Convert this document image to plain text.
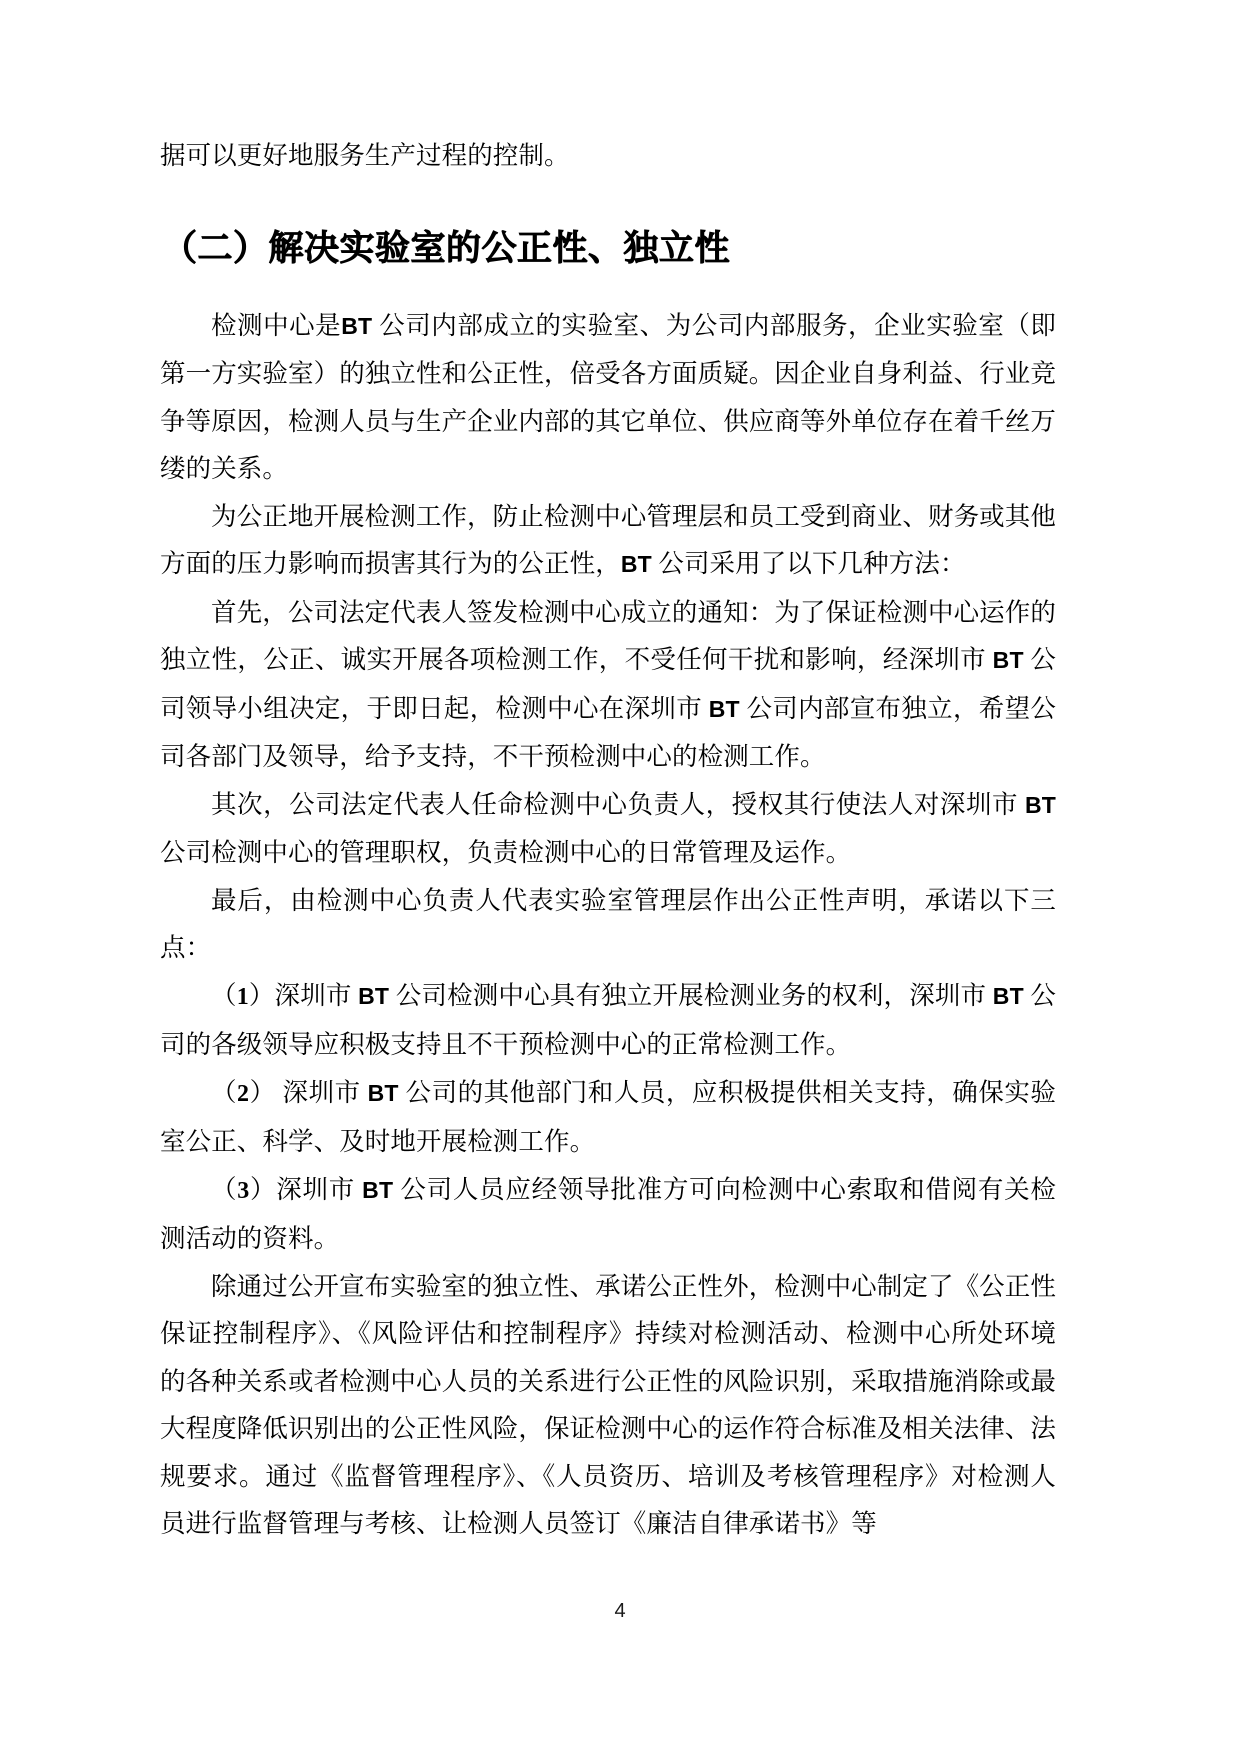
据可以更好地服务生产过程的控制。

（二）解决实验室的公正性、独立性

检测中心是BT 公司内部成立的实验室、为公司内部服务，企业实验室（即第一方实验室）的独立性和公正性，倍受各方面质疑。因企业自身利益、行业竞争等原因，检测人员与生产企业内部的其它单位、供应商等外单位存在着千丝万缕的关系。

为公正地开展检测工作，防止检测中心管理层和员工受到商业、财务或其他方面的压力影响而损害其行为的公正性，BT 公司采用了以下几种方法：

首先，公司法定代表人签发检测中心成立的通知：为了保证检测中心运作的独立性，公正、诚实开展各项检测工作，不受任何干扰和影响，经深圳市 BT 公司领导小组决定，于即日起，检测中心在深圳市 BT 公司内部宣布独立，希望公司各部门及领导，给予支持，不干预检测中心的检测工作。

其次，公司法定代表人任命检测中心负责人，授权其行使法人对深圳市 BT 公司检测中心的管理职权，负责检测中心的日常管理及运作。

最后，由检测中心负责人代表实验室管理层作出公正性声明，承诺以下三点：

（1）深圳市 BT 公司检测中心具有独立开展检测业务的权利，深圳市 BT 公司的各级领导应积极支持且不干预检测中心的正常检测工作。

（2） 深圳市 BT 公司的其他部门和人员，应积极提供相关支持，确保实验室公正、科学、及时地开展检测工作。

（3）深圳市 BT 公司人员应经领导批准方可向检测中心索取和借阅有关检测活动的资料。

除通过公开宣布实验室的独立性、承诺公正性外，检测中心制定了《公正性保证控制程序》、《风险评估和控制程序》持续对检测活动、检测中心所处环境的各种关系或者检测中心人员的关系进行公正性的风险识别，采取措施消除或最大程度降低识别出的公正性风险，保证检测中心的运作符合标准及相关法律、法规要求。通过《监督管理程序》、《人员资历、培训及考核管理程序》对检测人员进行监督管理与考核、让检测人员签订《廉洁自律承诺书》等

4
